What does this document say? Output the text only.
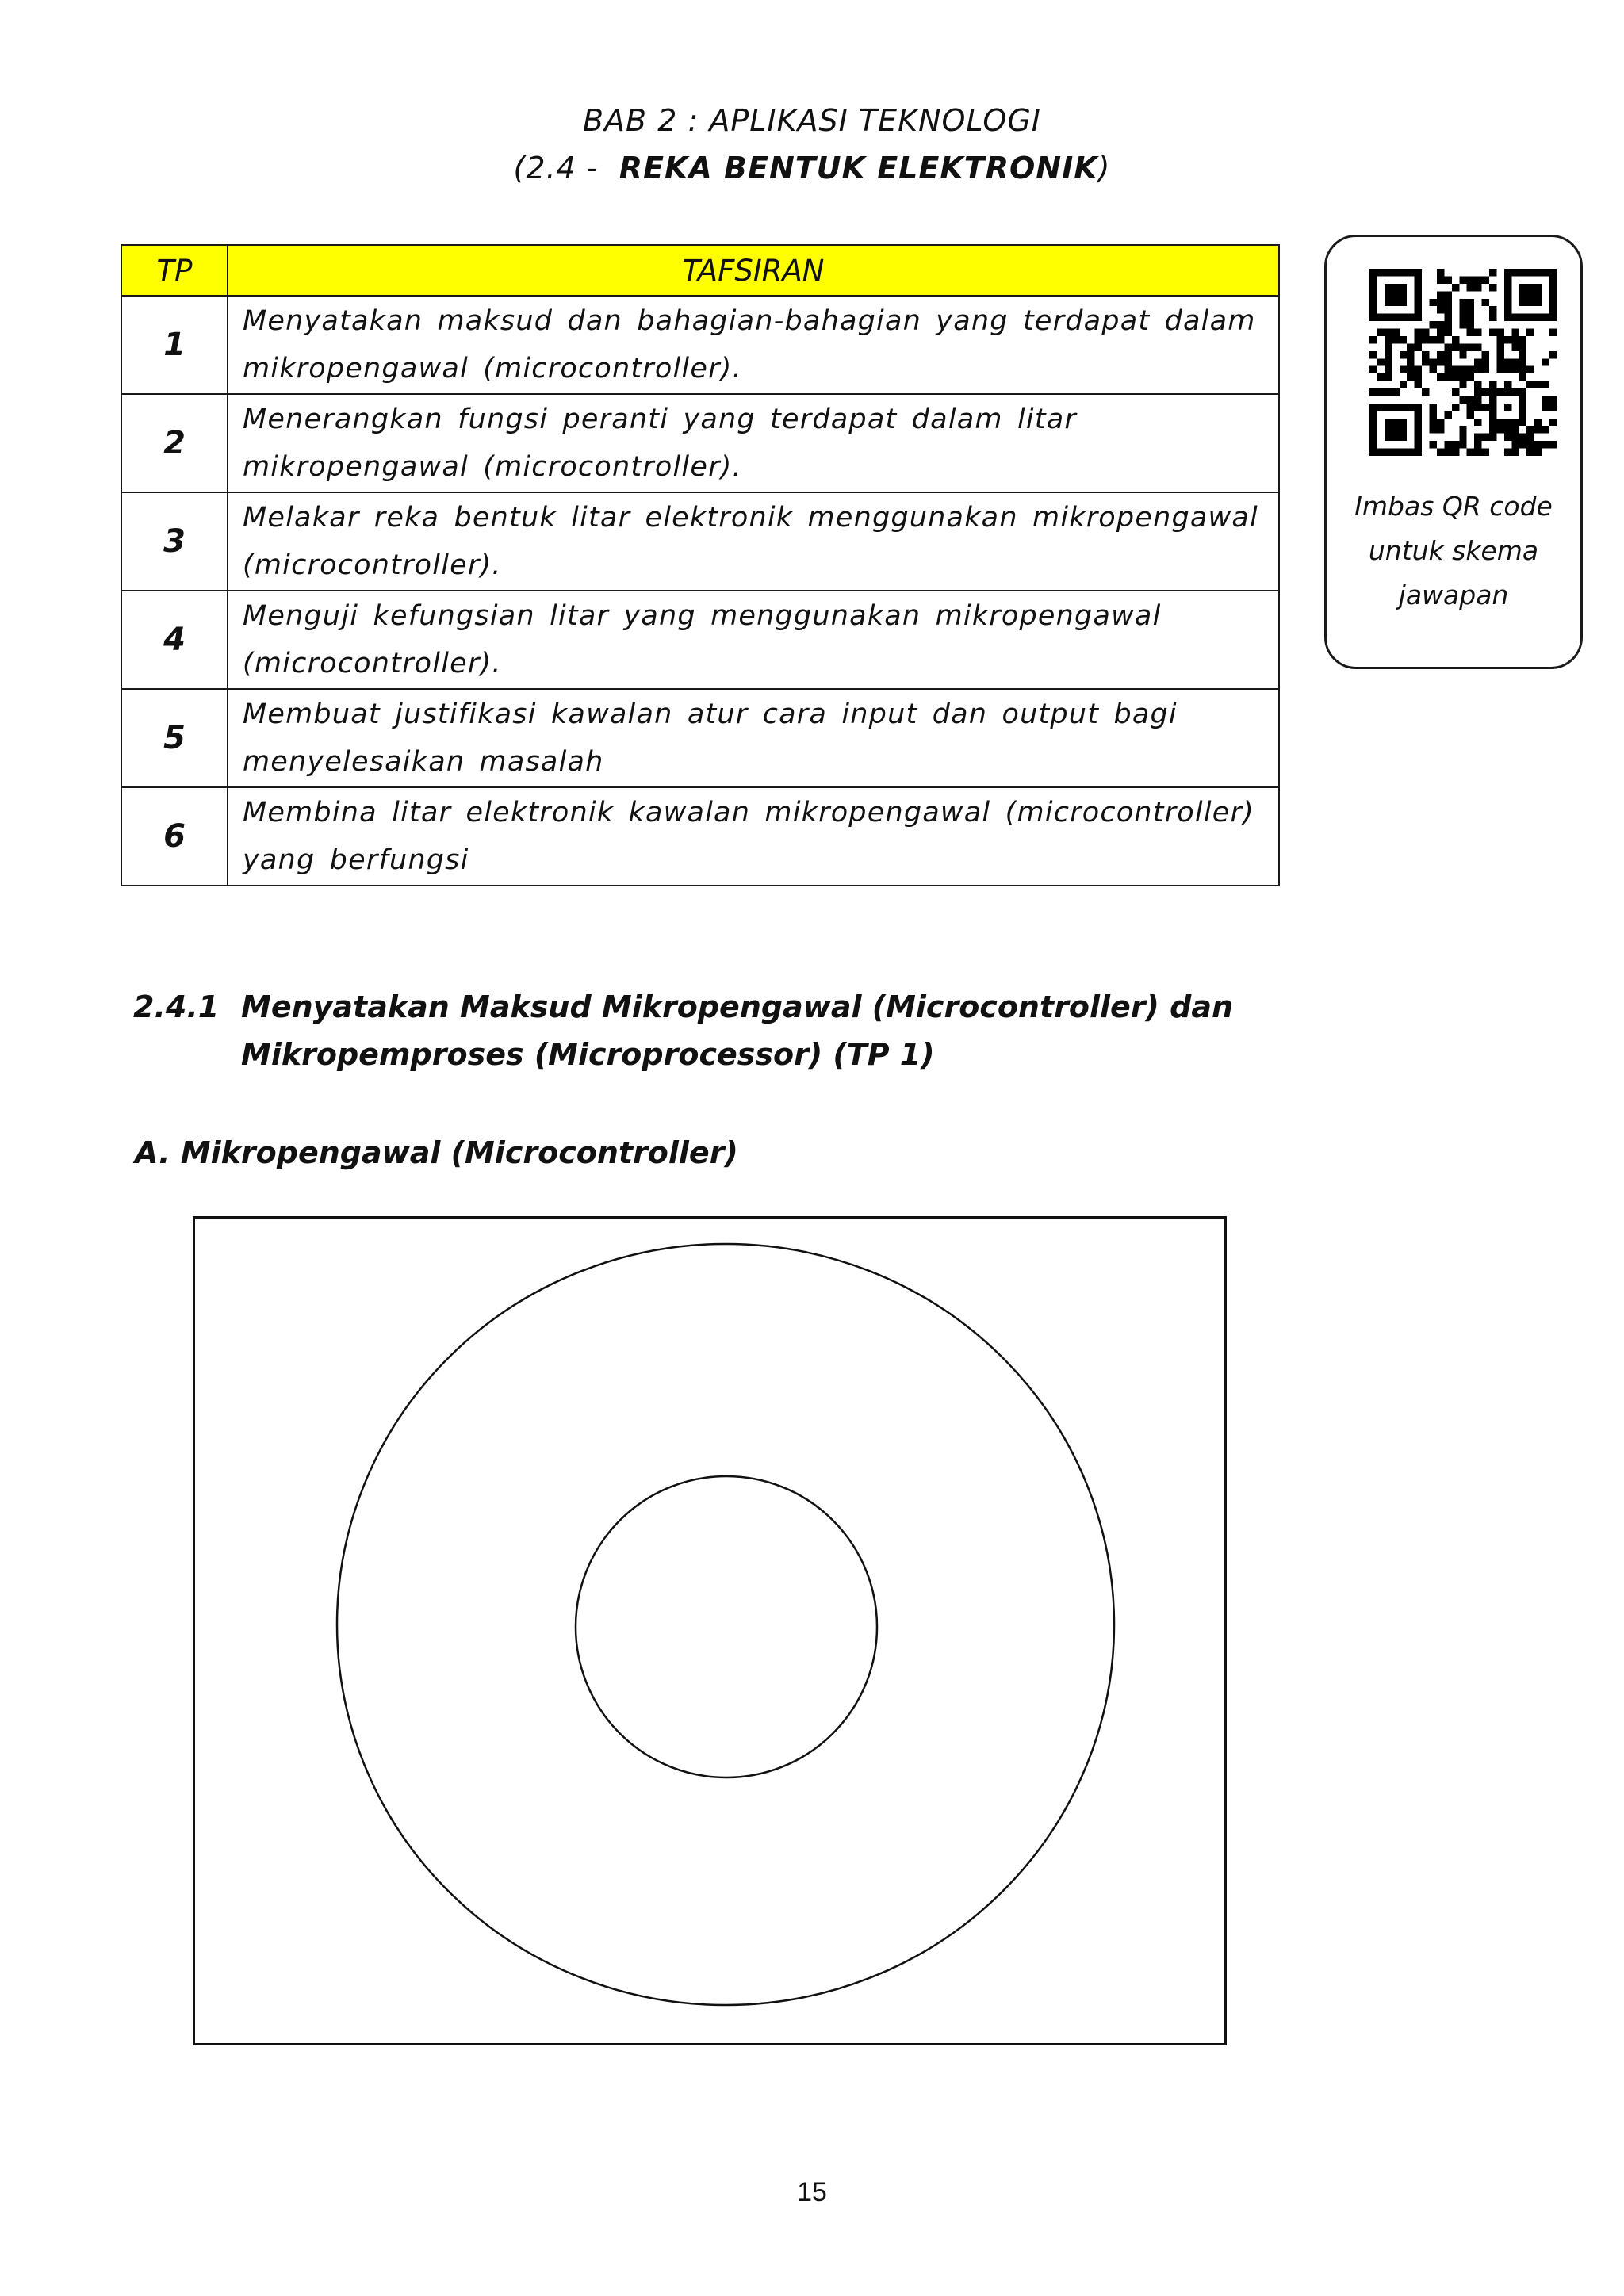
BAB 2 : APLIKASI TEKNOLOGI
(2.4 - REKA BENTUK ELEKTRONIK)
TP	TAFSIRAN
1	Menyatakan maksud dan bahagian-bahagian yang terdapat dalam mikropengawal (microcontroller).
2	Menerangkan fungsi peranti yang terdapat dalam litar mikropengawal (microcontroller).
3	Melakar reka bentuk litar elektronik menggunakan mikropengawal (microcontroller).
4	Menguji kefungsian litar yang menggunakan mikropengawal (microcontroller).
5	Membuat justifikasi kawalan atur cara input dan output bagi menyelesaikan masalah
6	Membina litar elektronik kawalan mikropengawal (microcontroller) yang berfungsi
Imbas QR code
untuk skema
jawapan
2.4.1 Menyatakan Maksud Mikropengawal (Microcontroller) dan Mikropemproses (Microprocessor) (TP 1)
A. Mikropengawal (Microcontroller)
15
